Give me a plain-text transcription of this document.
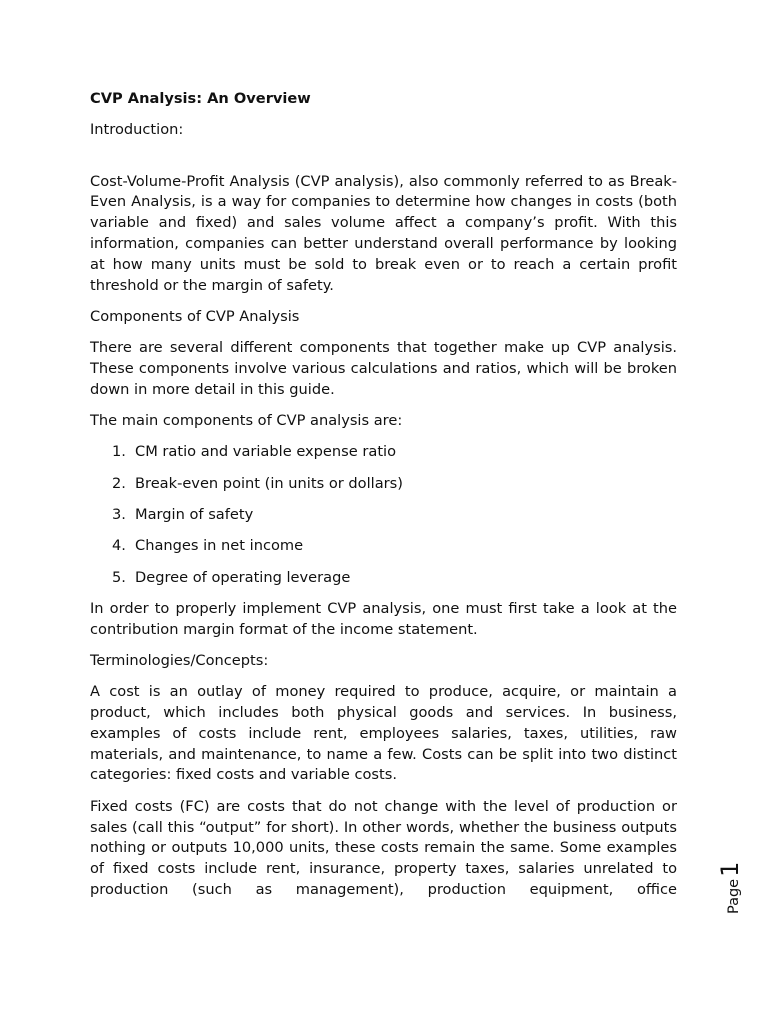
CVP Analysis: An Overview
Introduction:
Cost-Volume-Profit Analysis (CVP analysis), also commonly referred to as Break-Even Analysis, is a way for companies to determine how changes in costs (both variable and fixed) and sales volume affect a company’s profit. With this information, companies can better understand overall performance by looking at how many units must be sold to break even or to reach a certain profit threshold or the margin of safety.
Components of CVP Analysis
There are several different components that together make up CVP analysis. These components involve various calculations and ratios, which will be broken down in more detail in this guide.
The main components of CVP analysis are:
1. CM ratio and variable expense ratio
2. Break-even point (in units or dollars)
3. Margin of safety
4. Changes in net income
5. Degree of operating leverage
In order to properly implement CVP analysis, one must first take a look at the contribution margin format of the income statement.
Terminologies/Concepts:
A cost is an outlay of money required to produce, acquire, or maintain a product, which includes both physical goods and services. In business, examples of costs include rent, employees salaries, taxes, utilities, raw materials, and maintenance, to name a few. Costs can be split into two distinct categories: fixed costs and variable costs.
Fixed costs (FC) are costs that do not change with the level of production or sales (call this “output” for short). In other words, whether the business outputs nothing or outputs 10,000 units, these costs remain the same. Some examples of fixed costs include rent, insurance, property taxes, salaries unrelated to production (such as management), production equipment, office	Page
1
